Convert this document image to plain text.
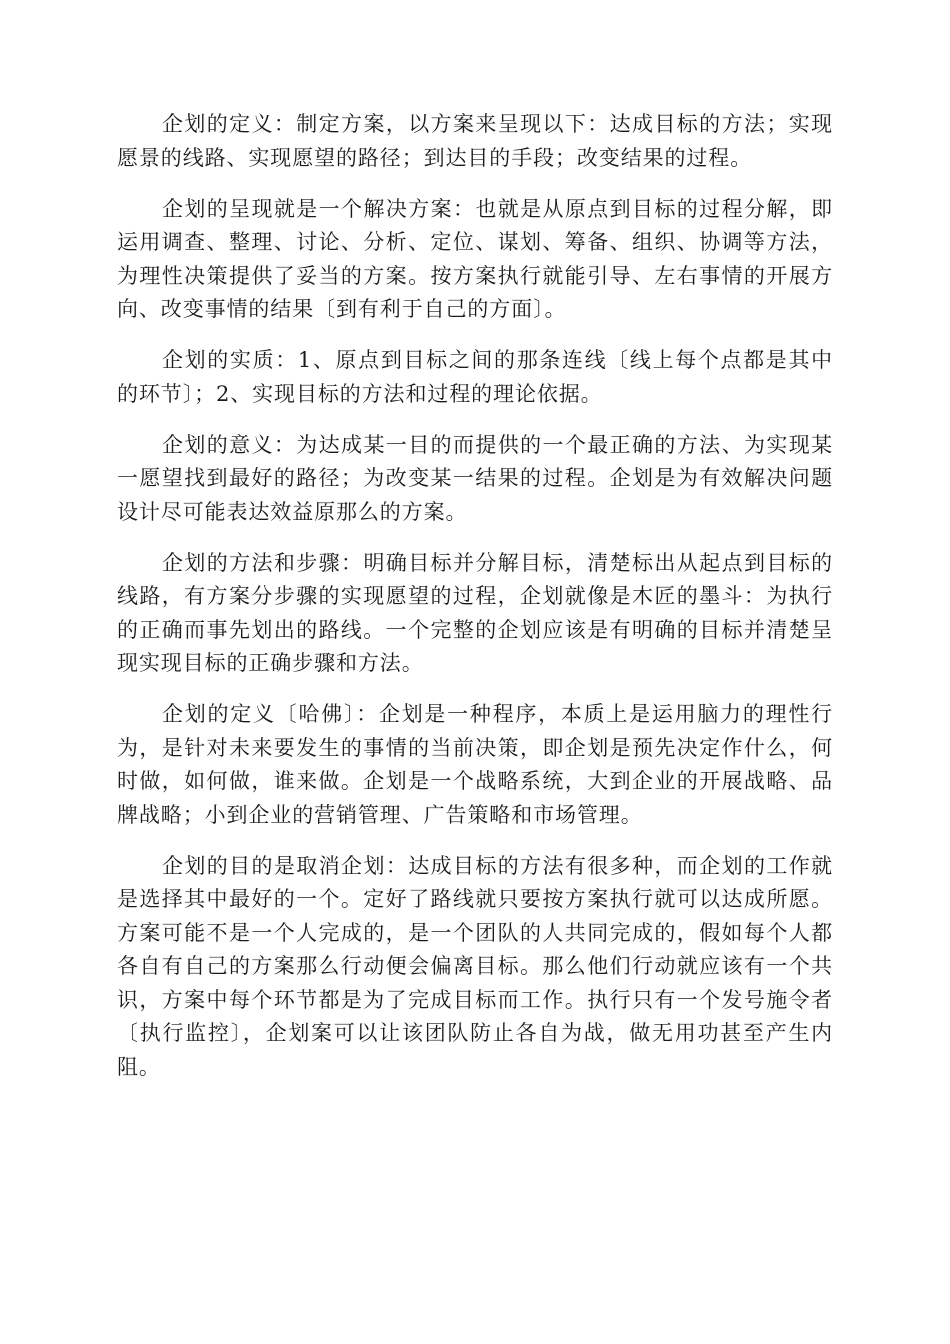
企划的定义：制定方案，以方案来呈现以下：达成目标的方法；实现愿景的线路、实现愿望的路径；到达目的手段；改变结果的过程。

企划的呈现就是一个解决方案：也就是从原点到目标的过程分解，即运用调查、整理、讨论、分析、定位、谋划、筹备、组织、协调等方法，为理性决策提供了妥当的方案。按方案执行就能引导、左右事情的开展方向、改变事情的结果〔到有利于自己的方面〕。

企划的实质：1、原点到目标之间的那条连线〔线上每个点都是其中的环节〕；2、实现目标的方法和过程的理论依据。

企划的意义：为达成某一目的而提供的一个最正确的方法、为实现某一愿望找到最好的路径；为改变某一结果的过程。企划是为有效解决问题设计尽可能表达效益原那么的方案。

企划的方法和步骤：明确目标并分解目标，清楚标出从起点到目标的线路，有方案分步骤的实现愿望的过程，企划就像是木匠的墨斗：为执行的正确而事先划出的路线。一个完整的企划应该是有明确的目标并清楚呈现实现目标的正确步骤和方法。

企划的定义〔哈佛〕：企划是一种程序，本质上是运用脑力的理性行为，是针对未来要发生的事情的当前决策，即企划是预先决定作什么，何时做，如何做，谁来做。企划是一个战略系统，大到企业的开展战略、品牌战略；小到企业的营销管理、广告策略和市场管理。

企划的目的是取消企划：达成目标的方法有很多种，而企划的工作就是选择其中最好的一个。定好了路线就只要按方案执行就可以达成所愿。方案可能不是一个人完成的，是一个团队的人共同完成的，假如每个人都各自有自己的方案那么行动便会偏离目标。那么他们行动就应该有一个共识，方案中每个环节都是为了完成目标而工作。执行只有一个发号施令者〔执行监控〕，企划案可以让该团队防止各自为战，做无用功甚至产生内阻。
